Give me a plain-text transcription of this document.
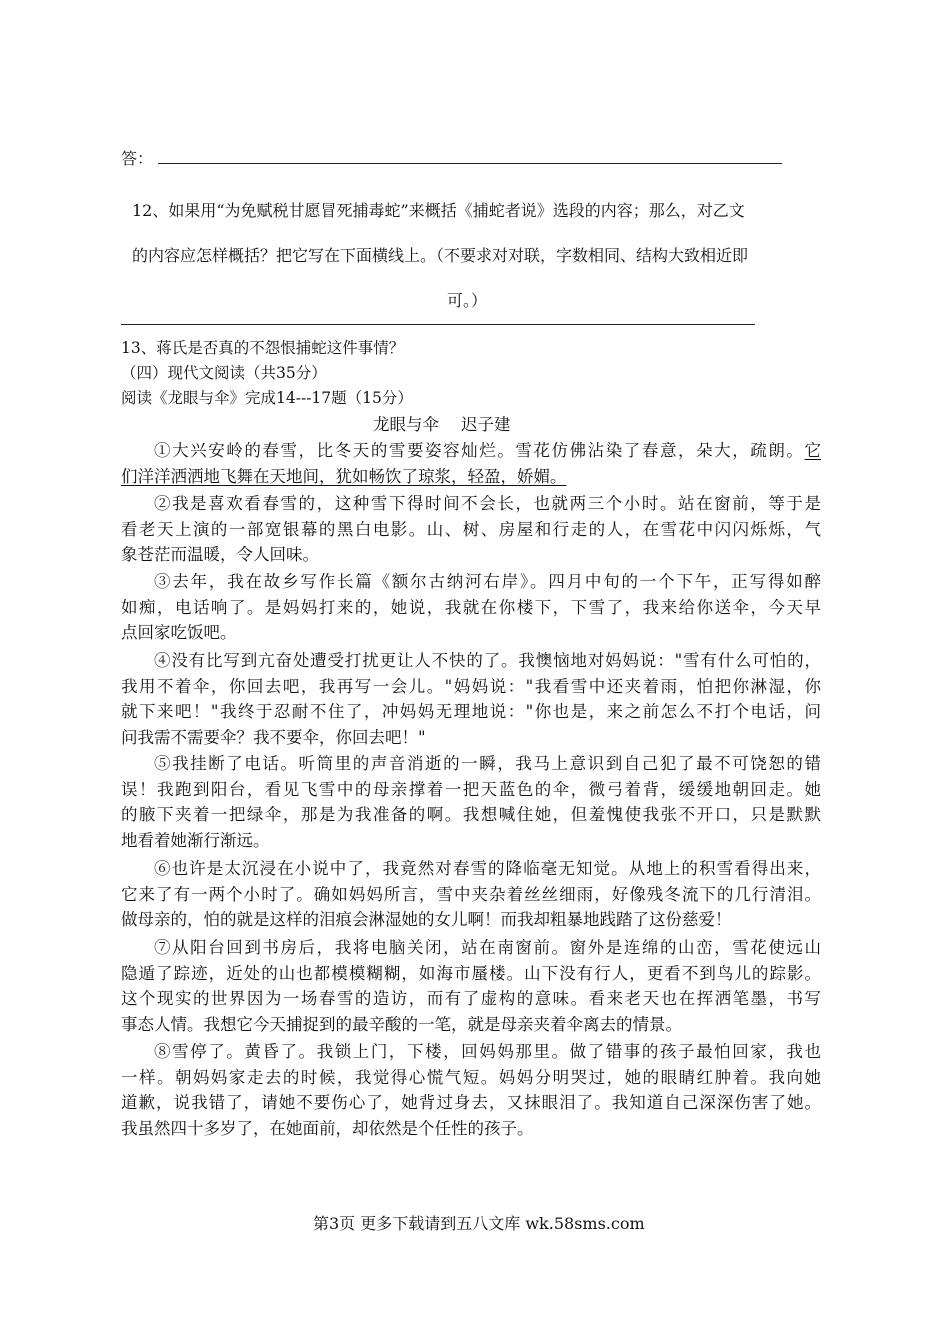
答：
12、如果用“为免赋税甘愿冒死捕毒蛇”来概括《捕蛇者说》选段的内容；那么，对乙文
的内容应怎样概括？把它写在下面横线上。（不要求对对联，字数相同、结构大致相近即
可。）
13、蒋氏是否真的不怨恨捕蛇这件事情？
（四）现代文阅读（共35分）
阅读《龙眼与伞》完成14---17题（15分）
龙眼与伞 迟子建
①大兴安岭的春雪，比冬天的雪要姿容灿烂。雪花仿佛沾染了春意，朵大，疏朗。它
们洋洋洒洒地飞舞在天地间，犹如畅饮了琼浆，轻盈，娇媚。
②我是喜欢看春雪的，这种雪下得时间不会长，也就两三个小时。站在窗前，等于是
看老天上演的一部宽银幕的黑白电影。山、树、房屋和行走的人，在雪花中闪闪烁烁，气
象苍茫而温暖，令人回味。
③去年，我在故乡写作长篇《额尔古纳河右岸》。四月中旬的一个下午，正写得如醉
如痴，电话响了。是妈妈打来的，她说，我就在你楼下，下雪了，我来给你送伞，今天早
点回家吃饭吧。
④没有比写到亢奋处遭受打扰更让人不快的了。我懊恼地对妈妈说："雪有什么可怕的，
我用不着伞，你回去吧，我再写一会儿。"妈妈说："我看雪中还夹着雨，怕把你淋湿，你
就下来吧！"我终于忍耐不住了，冲妈妈无理地说："你也是，来之前怎么不打个电话，问
问我需不需要伞？我不要伞，你回去吧！"
⑤我挂断了电话。听筒里的声音消逝的一瞬，我马上意识到自己犯了最不可饶恕的错
误！我跑到阳台，看见飞雪中的母亲撑着一把天蓝色的伞，微弓着背，缓缓地朝回走。她
的腋下夹着一把绿伞，那是为我准备的啊。我想喊住她，但羞愧使我张不开口，只是默默
地看着她渐行渐远。
⑥也许是太沉浸在小说中了，我竟然对春雪的降临毫无知觉。从地上的积雪看得出来，
它来了有一两个小时了。确如妈妈所言，雪中夹杂着丝丝细雨，好像残冬流下的几行清泪。
做母亲的，怕的就是这样的泪痕会淋湿她的女儿啊！而我却粗暴地践踏了这份慈爱！
⑦从阳台回到书房后，我将电脑关闭，站在南窗前。窗外是连绵的山峦，雪花使远山
隐遁了踪迹，近处的山也都模模糊糊，如海市蜃楼。山下没有行人，更看不到鸟儿的踪影。
这个现实的世界因为一场春雪的造访，而有了虚构的意味。看来老天也在挥洒笔墨，书写
事态人情。我想它今天捕捉到的最辛酸的一笔，就是母亲夹着伞离去的情景。
⑧雪停了。黄昏了。我锁上门，下楼，回妈妈那里。做了错事的孩子最怕回家，我也
一样。朝妈妈家走去的时候，我觉得心慌气短。妈妈分明哭过，她的眼睛红肿着。我向她
道歉，说我错了，请她不要伤心了，她背过身去，又抹眼泪了。我知道自己深深伤害了她。
我虽然四十多岁了，在她面前，却依然是个任性的孩子。
第3页 更多下载请到五八文库 wk.58sms.com
